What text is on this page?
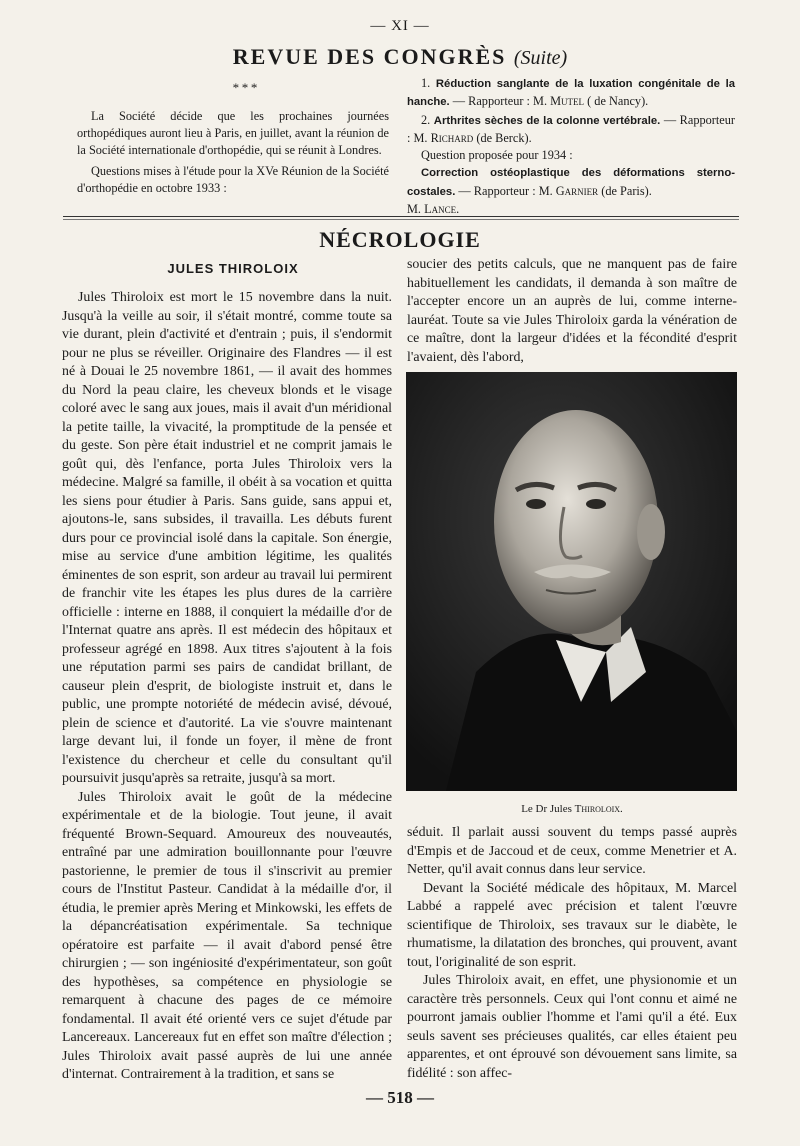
— XI —
REVUE DES CONGRÈS (Suite)
* * *

La Société décide que les prochaines journées orthopédiques auront lieu à Paris, en juillet, avant la réunion de la Société internationale d'orthopédie, qui se réunit à Londres.

Questions mises à l'étude pour la XVe Réunion de la Société d'orthopédie en octobre 1933 :

1. Réduction sanglante de la luxation congénitale de la hanche. — Rapporteur : M. Mutel ( de Nancy).

2. Arthrites sèches de la colonne vertébrale. — Rapporteur : M. Richard (de Berck).

Question proposée pour 1934 :

Correction ostéoplastique des déformations sterno-costales. — Rapporteur : M. Garnier (de Paris).

M. Lance.

NÉCROLOGIE
JULES THIROLOIX

Jules Thiroloix est mort le 15 novembre dans la nuit. Jusqu'à la veille au soir, il s'était montré, comme toute sa vie durant, plein d'activité et d'entrain ; puis, il s'endormit pour ne plus se réveiller. Originaire des Flandres — il est né à Douai le 25 novembre 1861, — il avait des hommes du Nord la peau claire, les cheveux blonds et le visage coloré avec le sang aux joues, mais il avait d'un méridional la petite taille, la vivacité, la promptitude de la pensée et du geste. Son père était industriel et ne comprit jamais le goût qui, dès l'enfance, porta Jules Thiroloix vers la médecine. Malgré sa famille, il obéit à sa vocation et quitta les siens pour étudier à Paris. Sans guide, sans appui et, ajoutons-le, sans subsides, il travailla. Les débuts furent durs pour ce provincial isolé dans la capitale. Son énergie, mise au service d'une ambition légitime, les qualités éminentes de son esprit, son ardeur au travail lui permirent de franchir vite les étapes les plus dures de la carrière officielle : interne en 1888, il conquiert la médaille d'or de l'Internat quatre ans après. Il est médecin des hôpitaux et professeur agrégé en 1898. Aux titres s'ajoutent à la fois une réputation parmi ses pairs de candidat brillant, de causeur plein d'esprit, de biologiste instruit et, dans le public, une prompte notoriété de médecin avisé, dévoué, plein de science et d'autorité. La vie s'ouvre maintenant large devant lui, il fonde un foyer, il mène de front l'existence du chercheur et celle du consultant qu'il poursuivit jusqu'après sa retraite, jusqu'à sa mort.

Jules Thiroloix avait le goût de la médecine expérimentale et de la biologie. Tout jeune, il avait fréquenté Brown-Sequard. Amoureux des nouveautés, entraîné par une admiration bouillonnante pour l'œuvre pastorienne, le premier de tous il s'inscrivit au premier cours de l'Institut Pasteur. Candidat à la médaille d'or, il étudia, le premier après Mering et Minkowski, les effets de la dépancréatisation expérimentale. Sa technique opératoire est parfaite — il avait d'abord pensé être chirurgien ; — son ingéniosité d'expérimentateur, son goût des hypothèses, sa compétence en physiologie se remarquent à chacune des pages de ce mémoire fondamental. Il avait été orienté vers ce sujet d'étude par Lancereaux. Lancereaux fut en effet son maître d'élection ; Jules Thiroloix avait passé auprès de lui une année d'internat. Contrairement à la tradition, et sans se

soucier des petits calculs, que ne manquent pas de faire habituellement les candidats, il demanda à son maître de l'accepter encore un an auprès de lui, comme interne-lauréat. Toute sa vie Jules Thiroloix garda la vénération de ce maître, dont la largeur d'idées et la fécondité d'esprit l'avaient, dès l'abord,
Le Dr Jules Thiroloix.

séduit. Il parlait aussi souvent du temps passé auprès d'Empis et de Jaccoud et de ceux, comme Menetrier et A. Netter, qu'il avait connus dans leur service.

Devant la Société médicale des hôpitaux, M. Marcel Labbé a rappelé avec précision et talent l'œuvre scientifique de Thiroloix, ses travaux sur le diabète, le rhumatisme, la dilatation des bronches, qui prouvent, avant tout, l'originalité de son esprit.

Jules Thiroloix avait, en effet, une physionomie et un caractère très personnels. Ceux qui l'ont connu et aimé ne pourront jamais oublier l'homme et l'ami qu'il a été. Eux seuls savent ses précieuses qualités, car elles étaient peu apparentes, et ont éprouvé son dévouement sans limite, sa fidélité : son affec-

— 518 —
